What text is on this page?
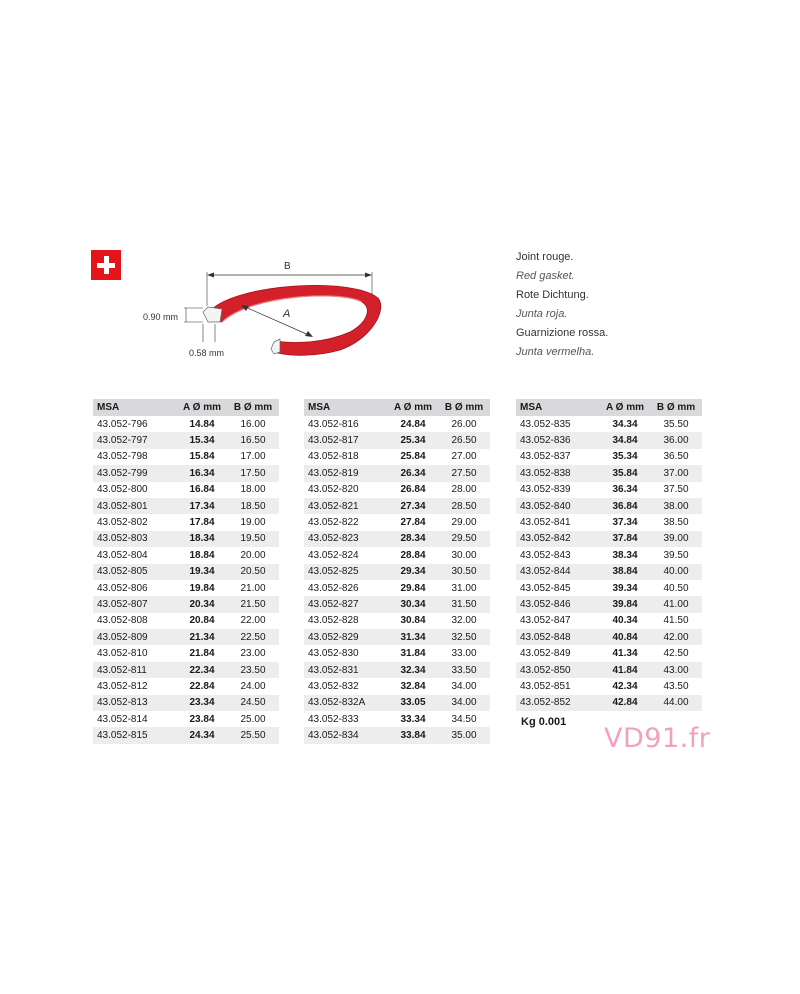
0.90 mm
0.58 mm
B
A
Joint rouge.
Red gasket.
Rote Dichtung.
Junta roja.
Guarnizione rossa.
Junta vermelha.
MSA	A Ø mm	B Ø mm
43.052-796	14.84	16.00
43.052-797	15.34	16.50
43.052-798	15.84	17.00
43.052-799	16.34	17.50
43.052-800	16.84	18.00
43.052-801	17.34	18.50
43.052-802	17.84	19.00
43.052-803	18.34	19.50
43.052-804	18.84	20.00
43.052-805	19.34	20.50
43.052-806	19.84	21.00
43.052-807	20.34	21.50
43.052-808	20.84	22.00
43.052-809	21.34	22.50
43.052-810	21.84	23.00
43.052-811	22.34	23.50
43.052-812	22.84	24.00
43.052-813	23.34	24.50
43.052-814	23.84	25.00
43.052-815	24.34	25.50
MSA	A Ø mm	B Ø mm
43.052-816	24.84	26.00
43.052-817	25.34	26.50
43.052-818	25.84	27.00
43.052-819	26.34	27.50
43.052-820	26.84	28.00
43.052-821	27.34	28.50
43.052-822	27.84	29.00
43.052-823	28.34	29.50
43.052-824	28.84	30.00
43.052-825	29.34	30.50
43.052-826	29.84	31.00
43.052-827	30.34	31.50
43.052-828	30.84	32.00
43.052-829	31.34	32.50
43.052-830	31.84	33.00
43.052-831	32.34	33.50
43.052-832	32.84	34.00
43.052-832A	33.05	34.00
43.052-833	33.34	34.50
43.052-834	33.84	35.00
MSA	A Ø mm	B Ø mm
43.052-835	34.34	35.50
43.052-836	34.84	36.00
43.052-837	35.34	36.50
43.052-838	35.84	37.00
43.052-839	36.34	37.50
43.052-840	36.84	38.00
43.052-841	37.34	38.50
43.052-842	37.84	39.00
43.052-843	38.34	39.50
43.052-844	38.84	40.00
43.052-845	39.34	40.50
43.052-846	39.84	41.00
43.052-847	40.34	41.50
43.052-848	40.84	42.00
43.052-849	41.34	42.50
43.052-850	41.84	43.00
43.052-851	42.34	43.50
43.052-852	42.84	44.00
Kg 0.001
VD91.fr
